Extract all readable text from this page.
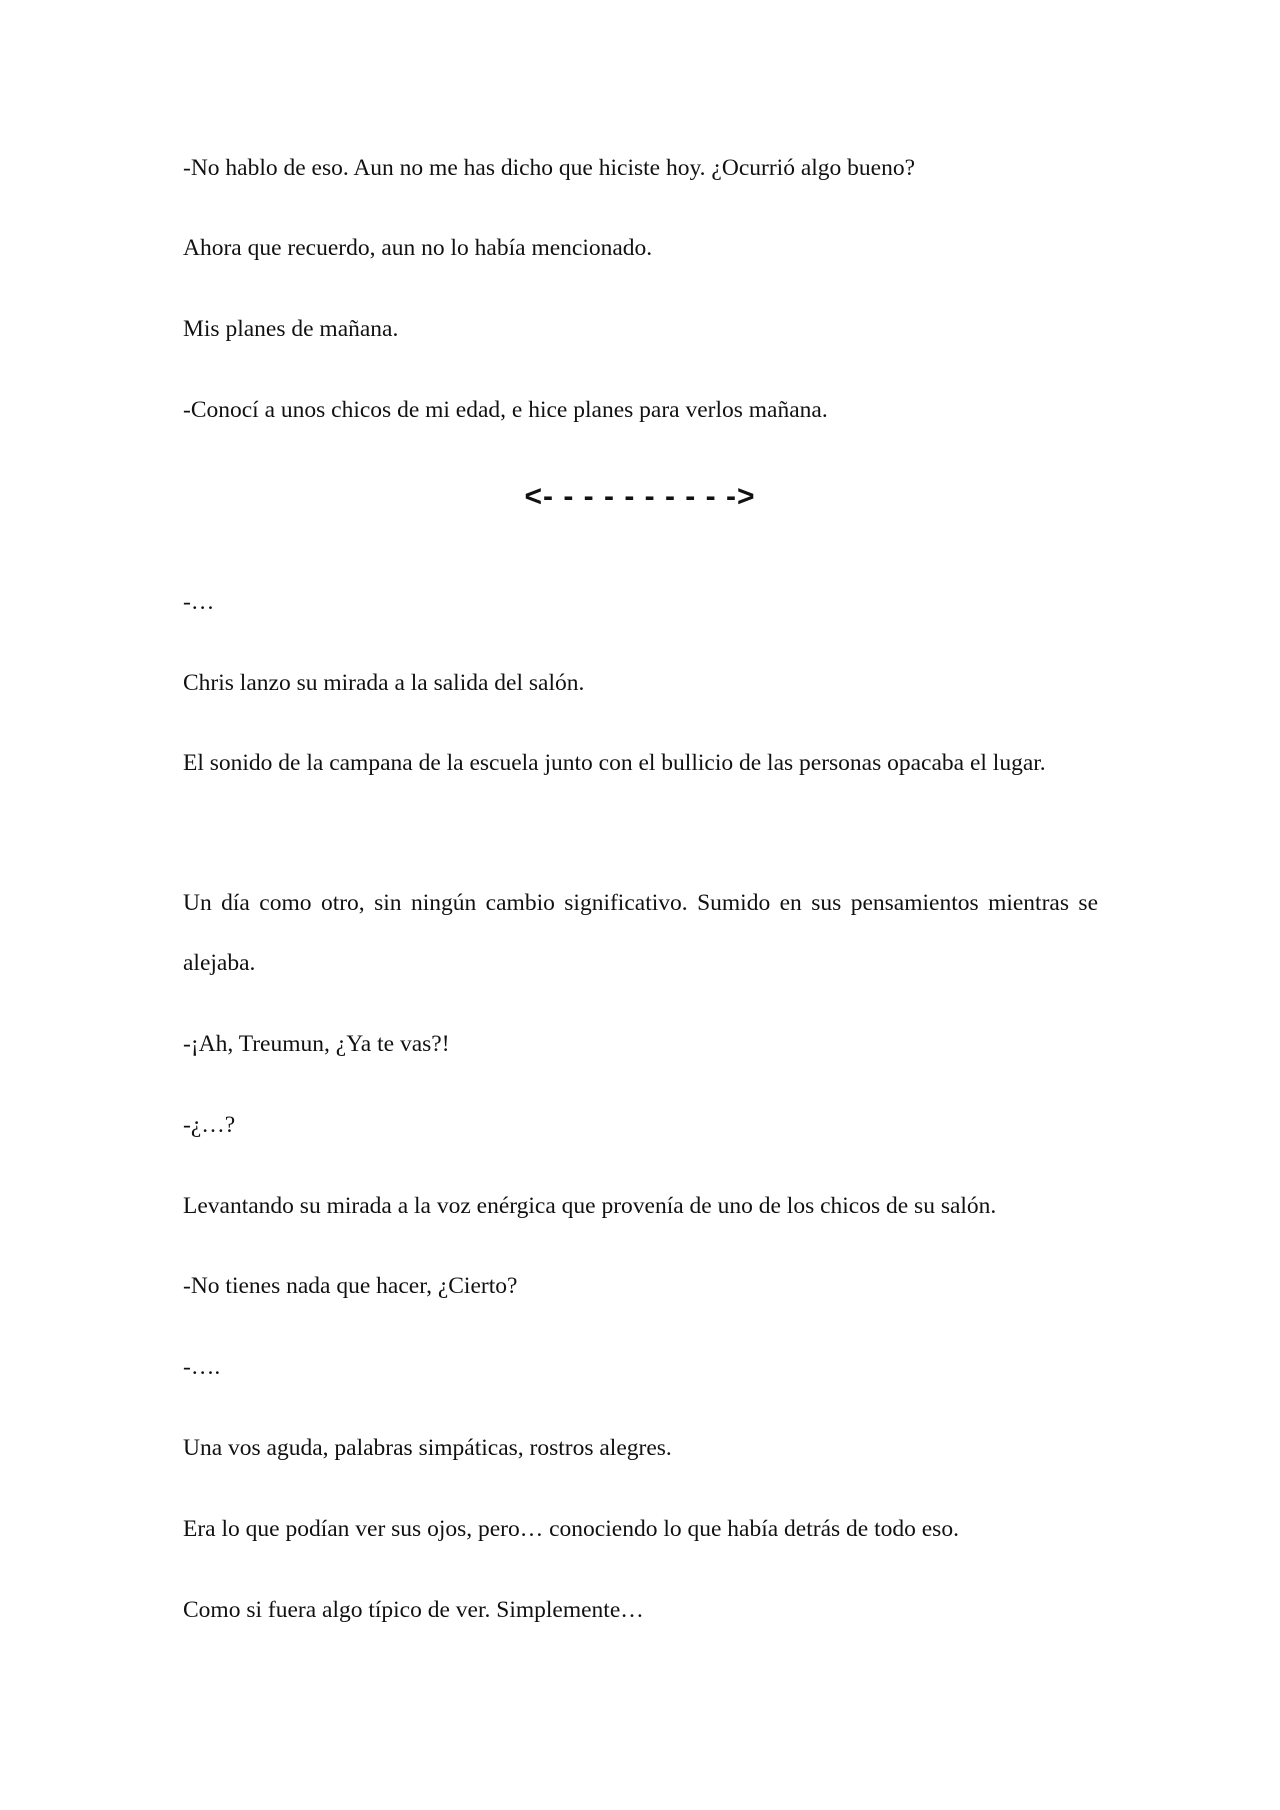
-No hablo de eso. Aun no me has dicho que hiciste hoy. ¿Ocurrió algo bueno?

Ahora que recuerdo, aun no lo había mencionado.

Mis planes de mañana.

-Conocí a unos chicos de mi edad, e hice planes para verlos mañana.

<- - - - - - - - - ->

-…

Chris lanzo su mirada a la salida del salón.

El sonido de la campana de la escuela junto con el bullicio de las personas opacaba el lugar.

Un día como otro, sin ningún cambio significativo. Sumido en sus pensamientos mientras se alejaba.

-¡Ah, Treumun, ¿Ya te vas?!

-¿…?

Levantando su mirada a la voz enérgica que provenía de uno de los chicos de su salón.

-No tienes nada que hacer, ¿Cierto?

-….

Una vos aguda, palabras simpáticas, rostros alegres.

Era lo que podían ver sus ojos, pero… conociendo lo que había detrás de todo eso.

Como si fuera algo típico de ver. Simplemente…
